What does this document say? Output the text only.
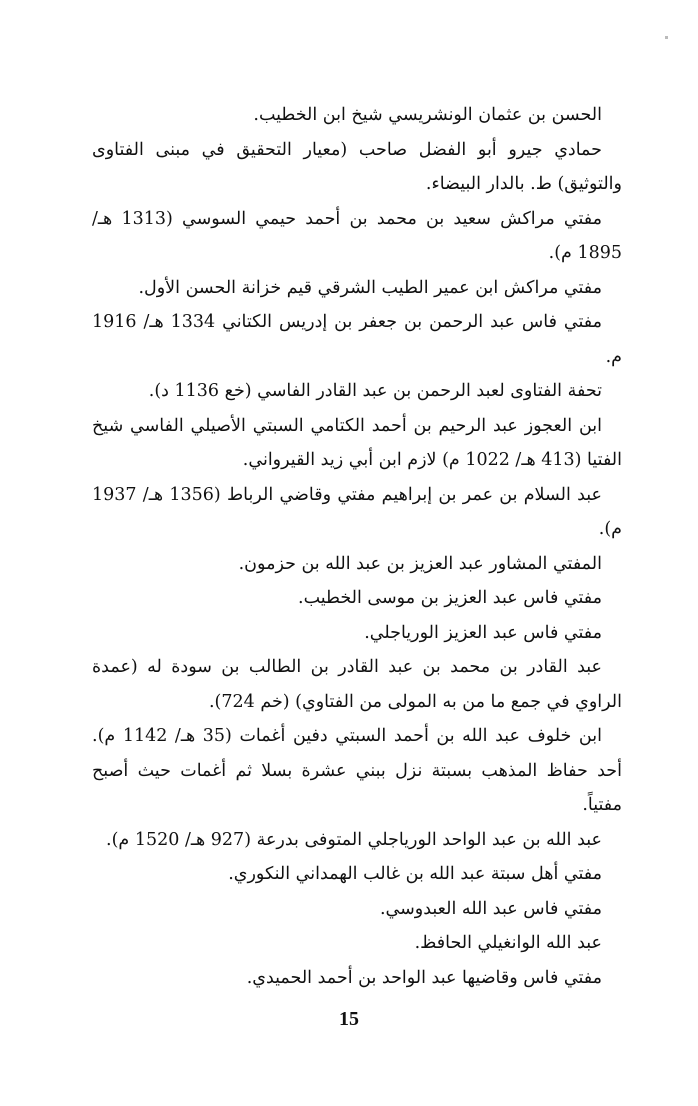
الحسن بن عثمان الونشريسي شيخ ابن الخطيب.

حمادي جيرو أبو الفضل صاحب (معيار التحقيق في مبنى الفتاوى والتوثيق) ط. بالدار البيضاء.

مفتي مراكش سعيد بن محمد بن أحمد حيمي السوسي (1313 هـ/ 1895 م).

مفتي مراكش ابن عمير الطيب الشرقي قيم خزانة الحسن الأول.

مفتي فاس عبد الرحمن بن جعفر بن إدريس الكتاني 1334 هـ/ 1916 م.

تحفة الفتاوى لعبد الرحمن بن عبد القادر الفاسي (خع 1136 د).

ابن العجوز عبد الرحيم بن أحمد الكتامي السبتي الأصيلي الفاسي شيخ الفتيا (413 هـ/ 1022 م) لازم ابن أبي زيد القيرواني.

عبد السلام بن عمر بن إبراهيم مفتي وقاضي الرباط (1356 هـ/ 1937 م).

المفتي المشاور عبد العزيز بن عبد الله بن حزمون.

مفتي فاس عبد العزيز بن موسى الخطيب.

مفتي فاس عبد العزيز الورياجلي.

عبد القادر بن محمد بن عبد القادر بن الطالب بن سودة له (عمدة الراوي في جمع ما من به المولى من الفتاوي) (خم 724).

ابن خلوف عبد الله بن أحمد السبتي دفين أغمات (35 هـ/ 1142 م). أحد حفاظ المذهب بسبتة نزل ببني عشرة بسلا ثم أغمات حيث أصبح مفتياً.

عبد الله بن عبد الواحد الورياجلي المتوفى بدرعة (927 هـ/ 1520 م).

مفتي أهل سبتة عبد الله بن غالب الهمداني النكوري.

مفتي فاس عبد الله العبدوسي.

عبد الله الوانغيلي الحافظ.

مفتي فاس وقاضيها عبد الواحد بن أحمد الحميدي.

15
